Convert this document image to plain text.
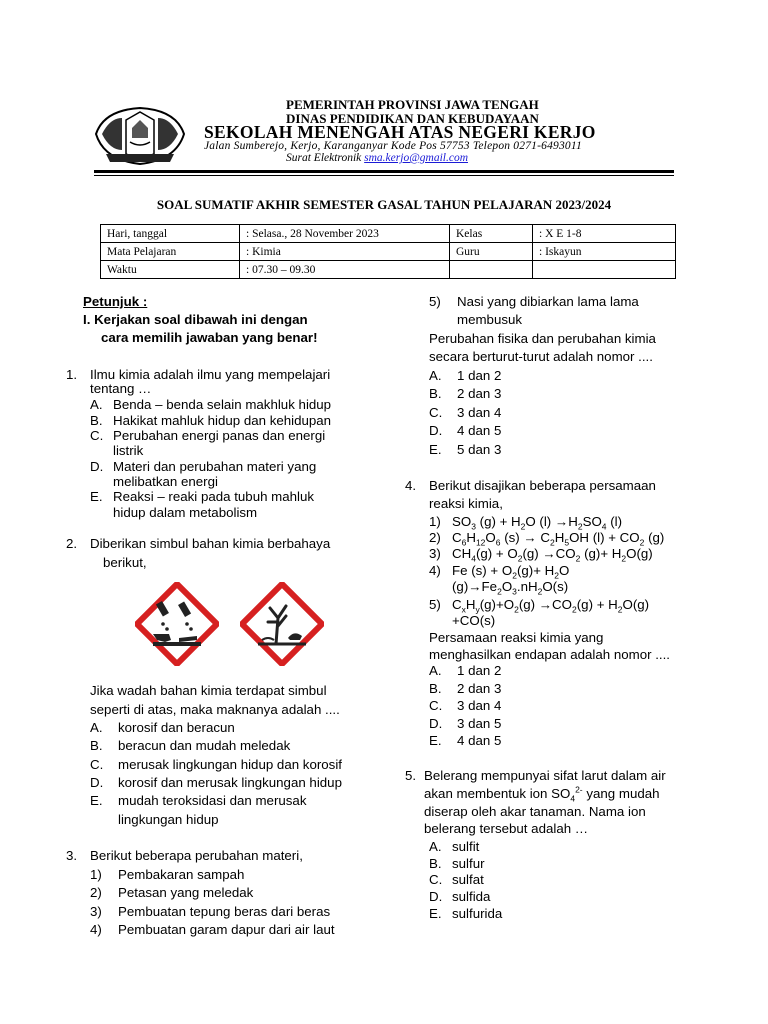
PEMERINTAH PROVINSI JAWA TENGAH
DINAS PENDIDIKAN DAN KEBUDAYAAN
SEKOLAH MENENGAH ATAS NEGERI KERJO
Jalan Sumberejo, Kerjo, Karanganyar Kode Pos 57753 Telepon 0271-6493011
Surat Elektronik sma.kerjo@gmail.com
SOAL SUMATIF AKHIR SEMESTER GASAL TAHUN PELAJARAN 2023/2024
Hari, tanggal	: Selasa., 28 November 2023	Kelas	: X E 1-8
Mata Pelajaran	: Kimia	Guru	: Iskayun
Waktu	: 07.30 – 09.30		
Petunjuk :
I. Kerjakan soal dibawah ini dengan
cara memilih jawaban yang benar!
1. Ilmu kimia adalah ilmu yang mempelajari
tentang …
A. Benda – benda selain makhluk hidup
B. Hakikat mahluk hidup dan kehidupan
C. Perubahan energi panas dan energi
listrik
D. Materi dan perubahan materi yang
melibatkan energi
E. Reaksi – reaki pada tubuh mahluk
hidup dalam metabolism
2. Diberikan simbul bahan kimia berbahaya
berikut,
Jika wadah bahan kimia terdapat simbul
seperti di atas, maka maknanya adalah ....
A. korosif dan beracun
B. beracun dan mudah meledak
C. merusak lingkungan hidup dan korosif
D. korosif dan merusak lingkungan hidup
E. mudah teroksidasi dan merusak
lingkungan hidup
3. Berikut beberapa perubahan materi,
1) Pembakaran sampah
2) Petasan yang meledak
3) Pembuatan tepung beras dari beras
4) Pembuatan garam dapur dari air laut
5) Nasi yang dibiarkan lama lama
membusuk
Perubahan fisika dan perubahan kimia
secara berturut-turut adalah nomor ....
A. 1 dan 2
B. 2 dan 3
C. 3 dan 4
D. 4 dan 5
E. 5 dan 3
4. Berikut disajikan beberapa persamaan
reaksi kimia,
1) $SO_3$ $(g) + H_2O$ $(l) \to H_2SO_4$ (l)
2) $C_6H_{12}O_6$ $(s) \to C_2H_5OH$ $(l) + CO_2$ (g)
3) $CH_4(g) + O_2(g) \to CO_2$ $(g)+ H_2O(g)$
4) Fe $(s) + O_2(g)+ H_2O$
$(g)\to Fe_2O_3.nH_2O(s)$
5) $C_xH_y(g)+O_2(g) \to CO_2(g) + H_2O(g)$
+CO(s)
Persamaan reaksi kimia yang
menghasilkan endapan adalah nomor ....
A. 1 dan 2
B. 2 dan 3
C. 3 dan 4
D. 3 dan 5
E. 4 dan 5
5. Belerang mempunyai sifat larut dalam air
akan membentuk ion $SO_4^{2-}$ yang mudah
diserap oleh akar tanaman. Nama ion
belerang tersebut adalah …
A. sulfit
B. sulfur
C. sulfat
D. sulfida
E. sulfurida
